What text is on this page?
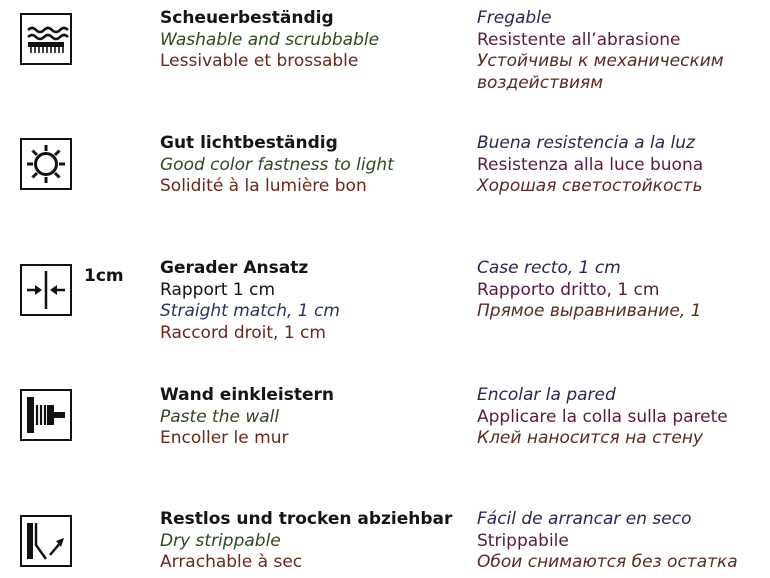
Scheuerbeständig
Washable and scrubbable
Lessivable et brossable
Fregable
Resistente all’abrasione
Устойчивы к механическим
воздействиям
Gut lichtbeständig
Good color fastness to light
Solidité à la lumière bon
Buena resistencia a la luz
Resistenza alla luce buona
Хорошая светостойкость
1cm Gerader Ansatz
Rapport 1 cm
Straight match, 1 cm
Raccord droit, 1 cm
Case recto, 1 cm
Rapporto dritto, 1 cm
Прямое выравнивание, 1
Wand einkleistern
Paste the wall
Encoller le mur
Encolar la pared
Applicare la colla sulla parete
Клей наносится на стену
Restlos und trocken abziehbar
Dry strippable
Arrachable à sec
Fácil de arrancar en seco
Strippabile
Обои снимаются без остатка
